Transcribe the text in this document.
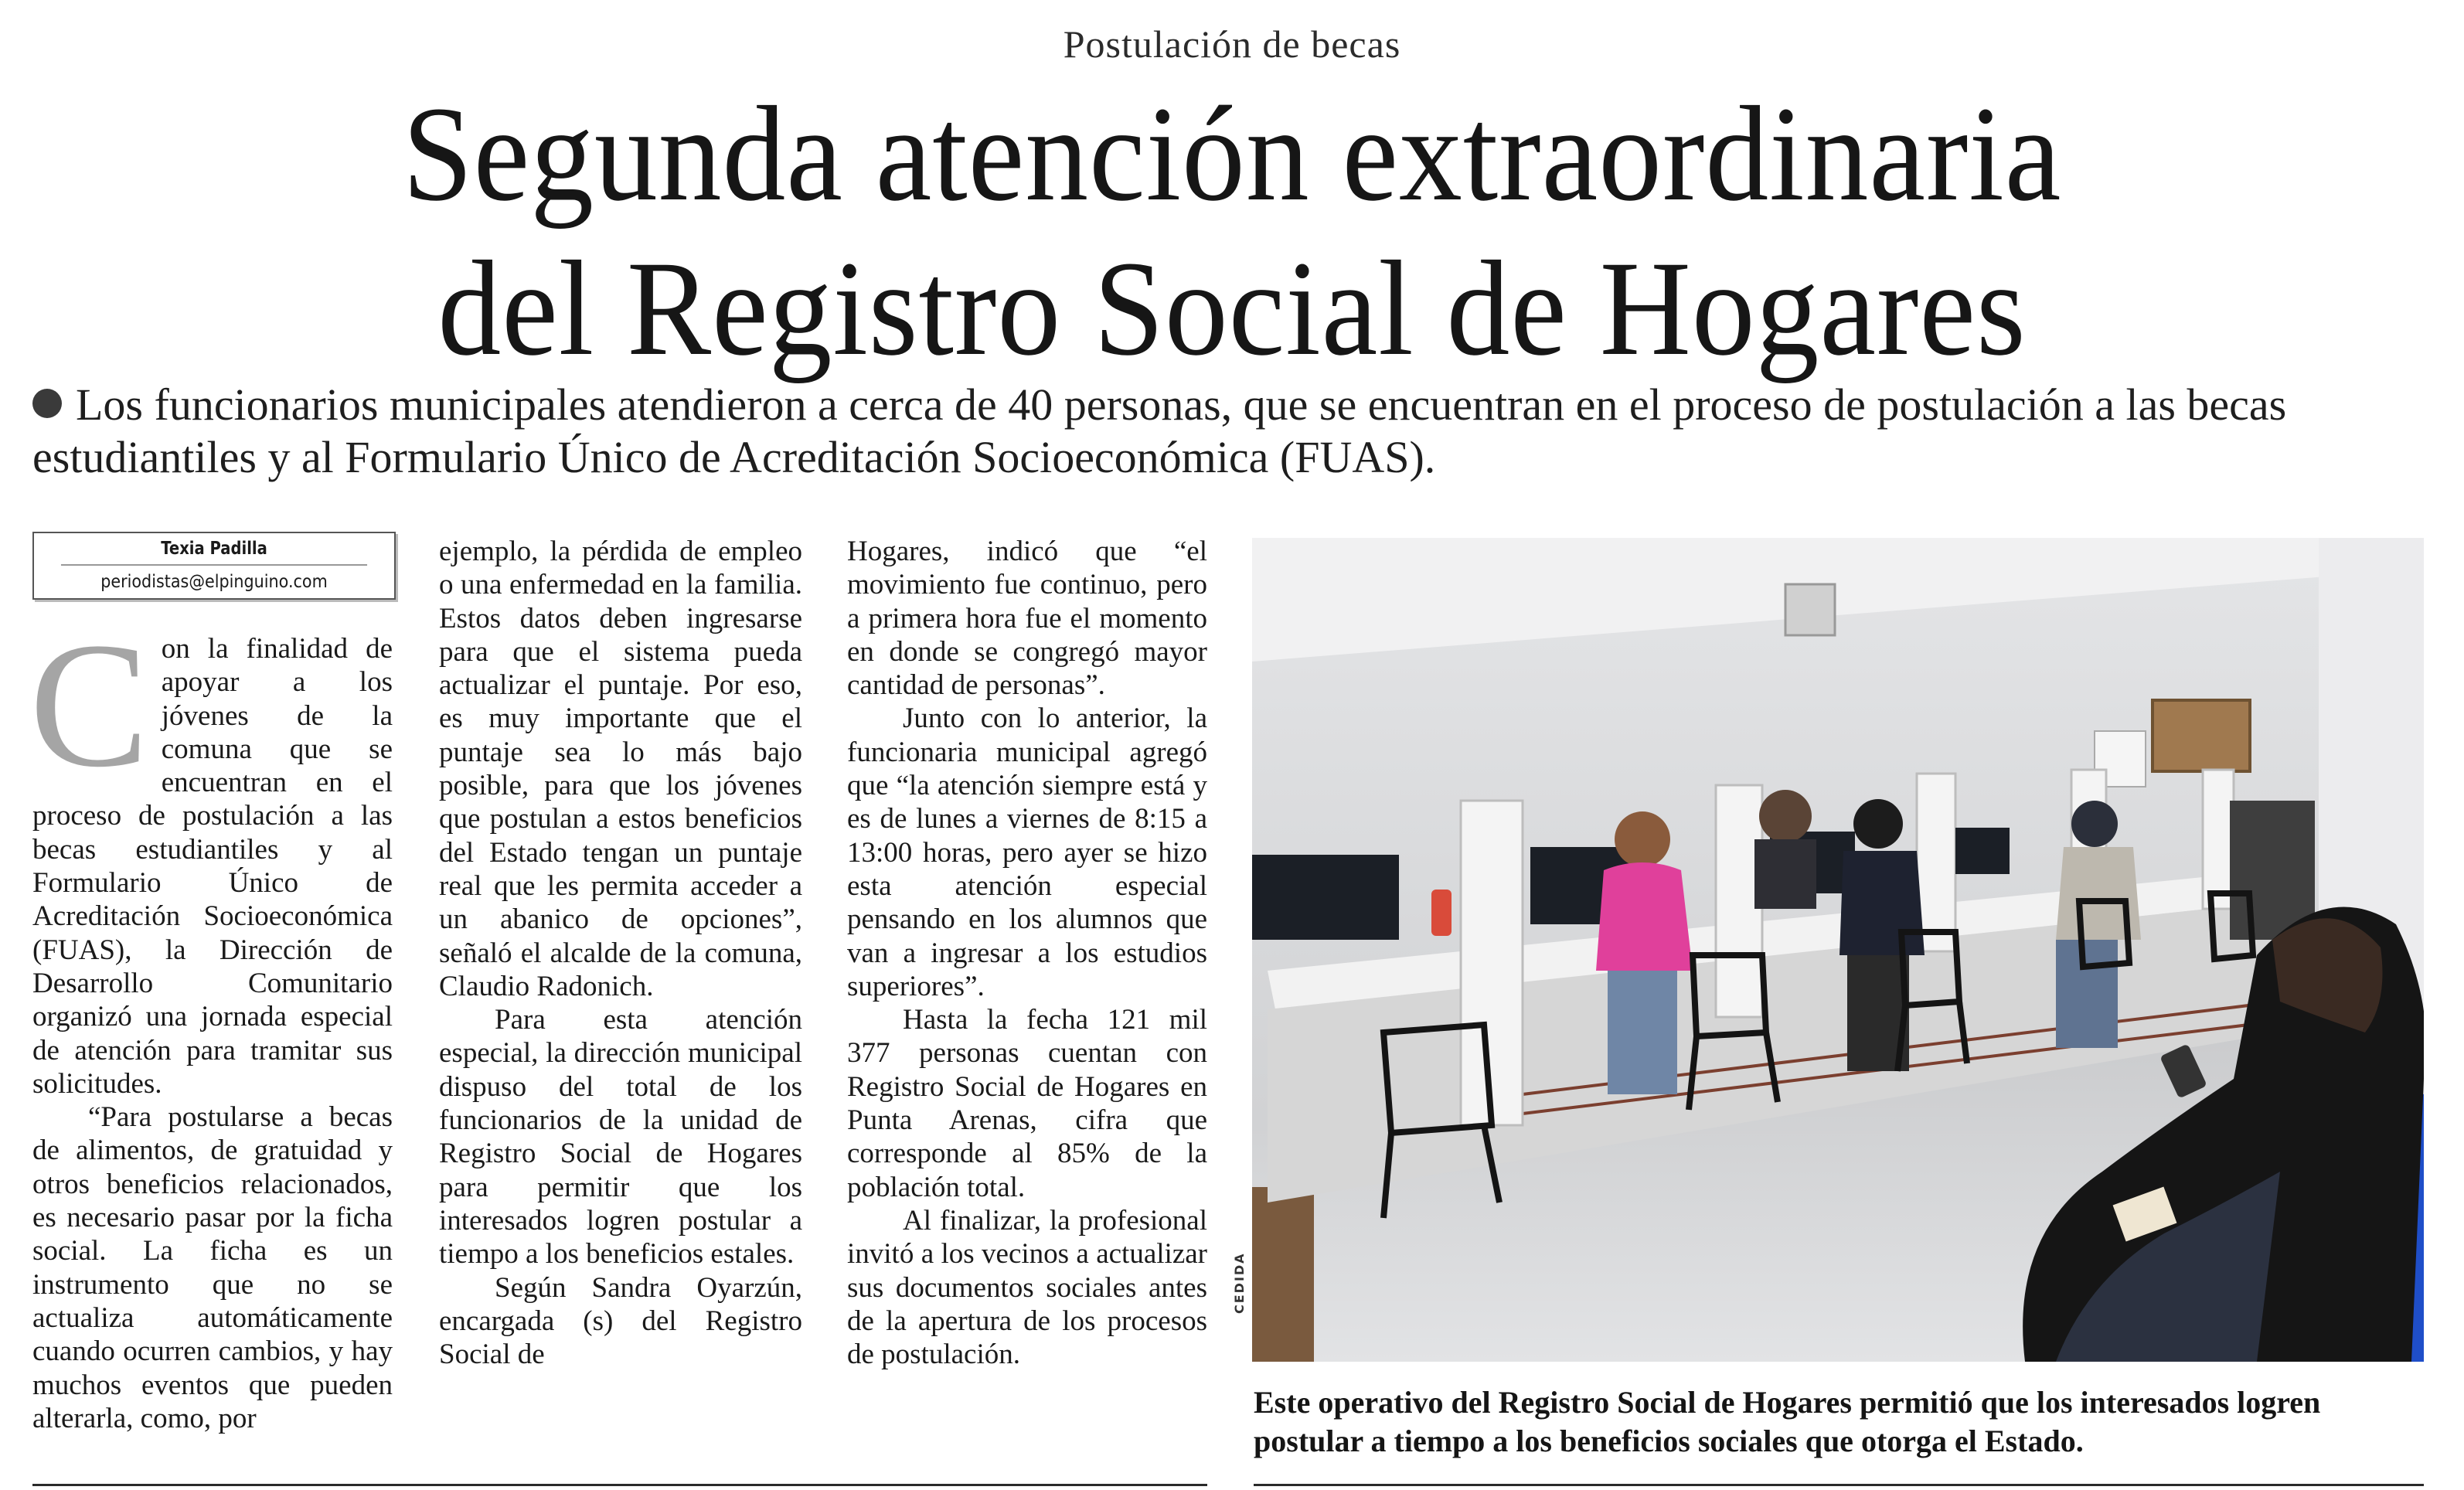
Postulación de becas
Segunda atención extraordinaria
del Registro Social de Hogares

Los funcionarios municipales atendieron a cerca de 40 personas, que se encuentran en el proceso de postulación a las becas estudiantiles y al Formulario Único de Acreditación Socioeconómica (FUAS).

Texia Padilla
periodistas@elpinguino.com

Con la finalidad de apoyar a los jóvenes de la comuna que se encuentran en el proceso de postulación a las becas estudiantiles y al Formulario Único de Acreditación Socioeconómica (FUAS), la Dirección de Desarrollo Comunitario organizó una jornada especial de atención para tramitar sus solicitudes.

“Para postularse a becas de alimentos, de gratuidad y otros beneficios relacionados, es necesario pasar por la ficha social. La ficha es un instrumento que no se actualiza automáticamente cuando ocurren cambios, y hay muchos eventos que pueden alterarla, como, por

ejemplo, la pérdida de empleo o una enfermedad en la familia. Estos datos deben ingresarse para que el sistema pueda actualizar el puntaje. Por eso, es muy importante que el puntaje sea lo más bajo posible, para que los jóvenes que postulan a estos beneficios del Estado tengan un puntaje real que les permita acceder a un abanico de opciones”, señaló el alcalde de la comuna, Claudio Radonich.

Para esta atención especial, la dirección municipal dispuso del total de los funcionarios de la unidad de Registro Social de Hogares para permitir que los interesados logren postular a tiempo a los beneficios estales.

Según Sandra Oyarzún, encargada (s) del Registro Social de

Hogares, indicó que “el movimiento fue continuo, pero a primera hora fue el momento en donde se congregó mayor cantidad de personas”.

Junto con lo anterior, la funcionaria municipal agregó que “la atención siempre está y es de lunes a viernes de 8:15 a 13:00 horas, pero ayer se hizo esta atención especial pensando en los alumnos que van a ingresar a los estudios superiores”.

Hasta la fecha 121 mil 377 personas cuentan con Registro Social de Hogares en Punta Arenas, cifra que corresponde al 85% de la población total.

Al finalizar, la profesional invitó a los vecinos a actualizar sus documentos sociales antes de la apertura de los procesos de postulación.

CEDIDA

Este operativo del Registro Social de Hogares permitió que los interesados logren postular a tiempo a los beneficios sociales que otorga el Estado.
